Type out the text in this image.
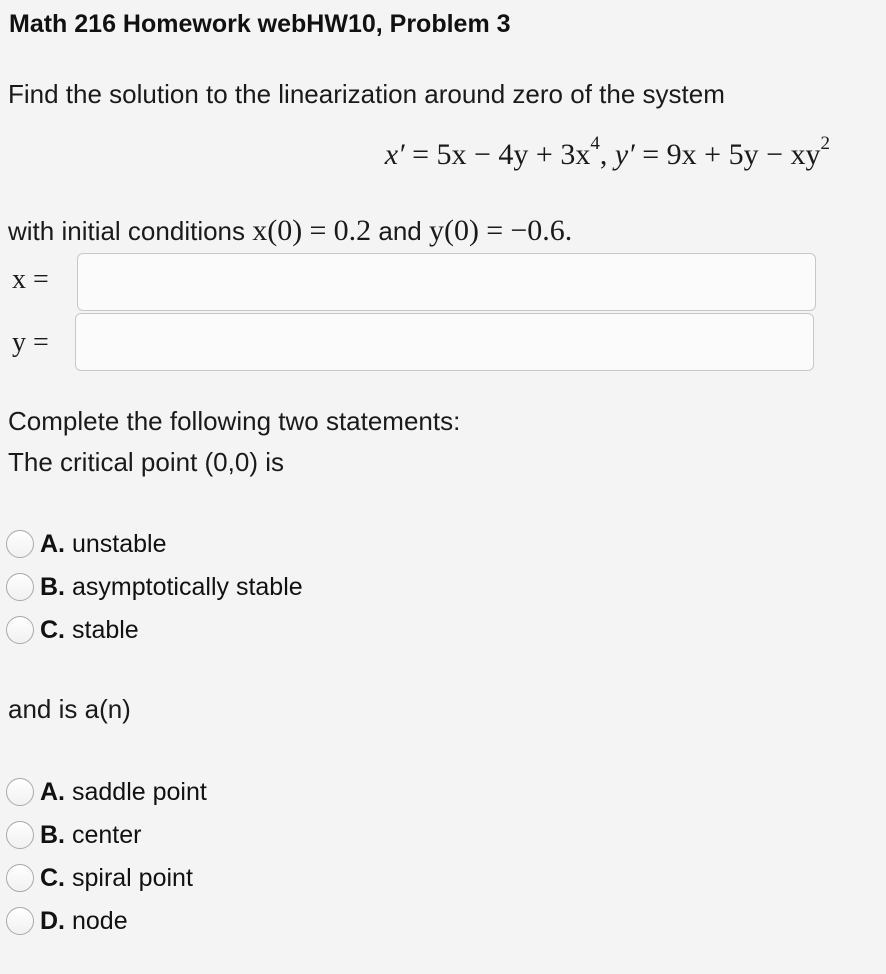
Math 216 Homework webHW10, Problem 3
Find the solution to the linearization around zero of the system
$x' = 5x - 4y + 3x^4$, $y' = 9x + 5y - xy^2$
with initial conditions x(0) = 0.2 and y(0) = −0.6.
x =
y =
Complete the following two statements:
The critical point (0,0) is
A. unstable
B. asymptotically stable
C. stable
and is a(n)
A. saddle point
B. center
C. spiral point
D. node
